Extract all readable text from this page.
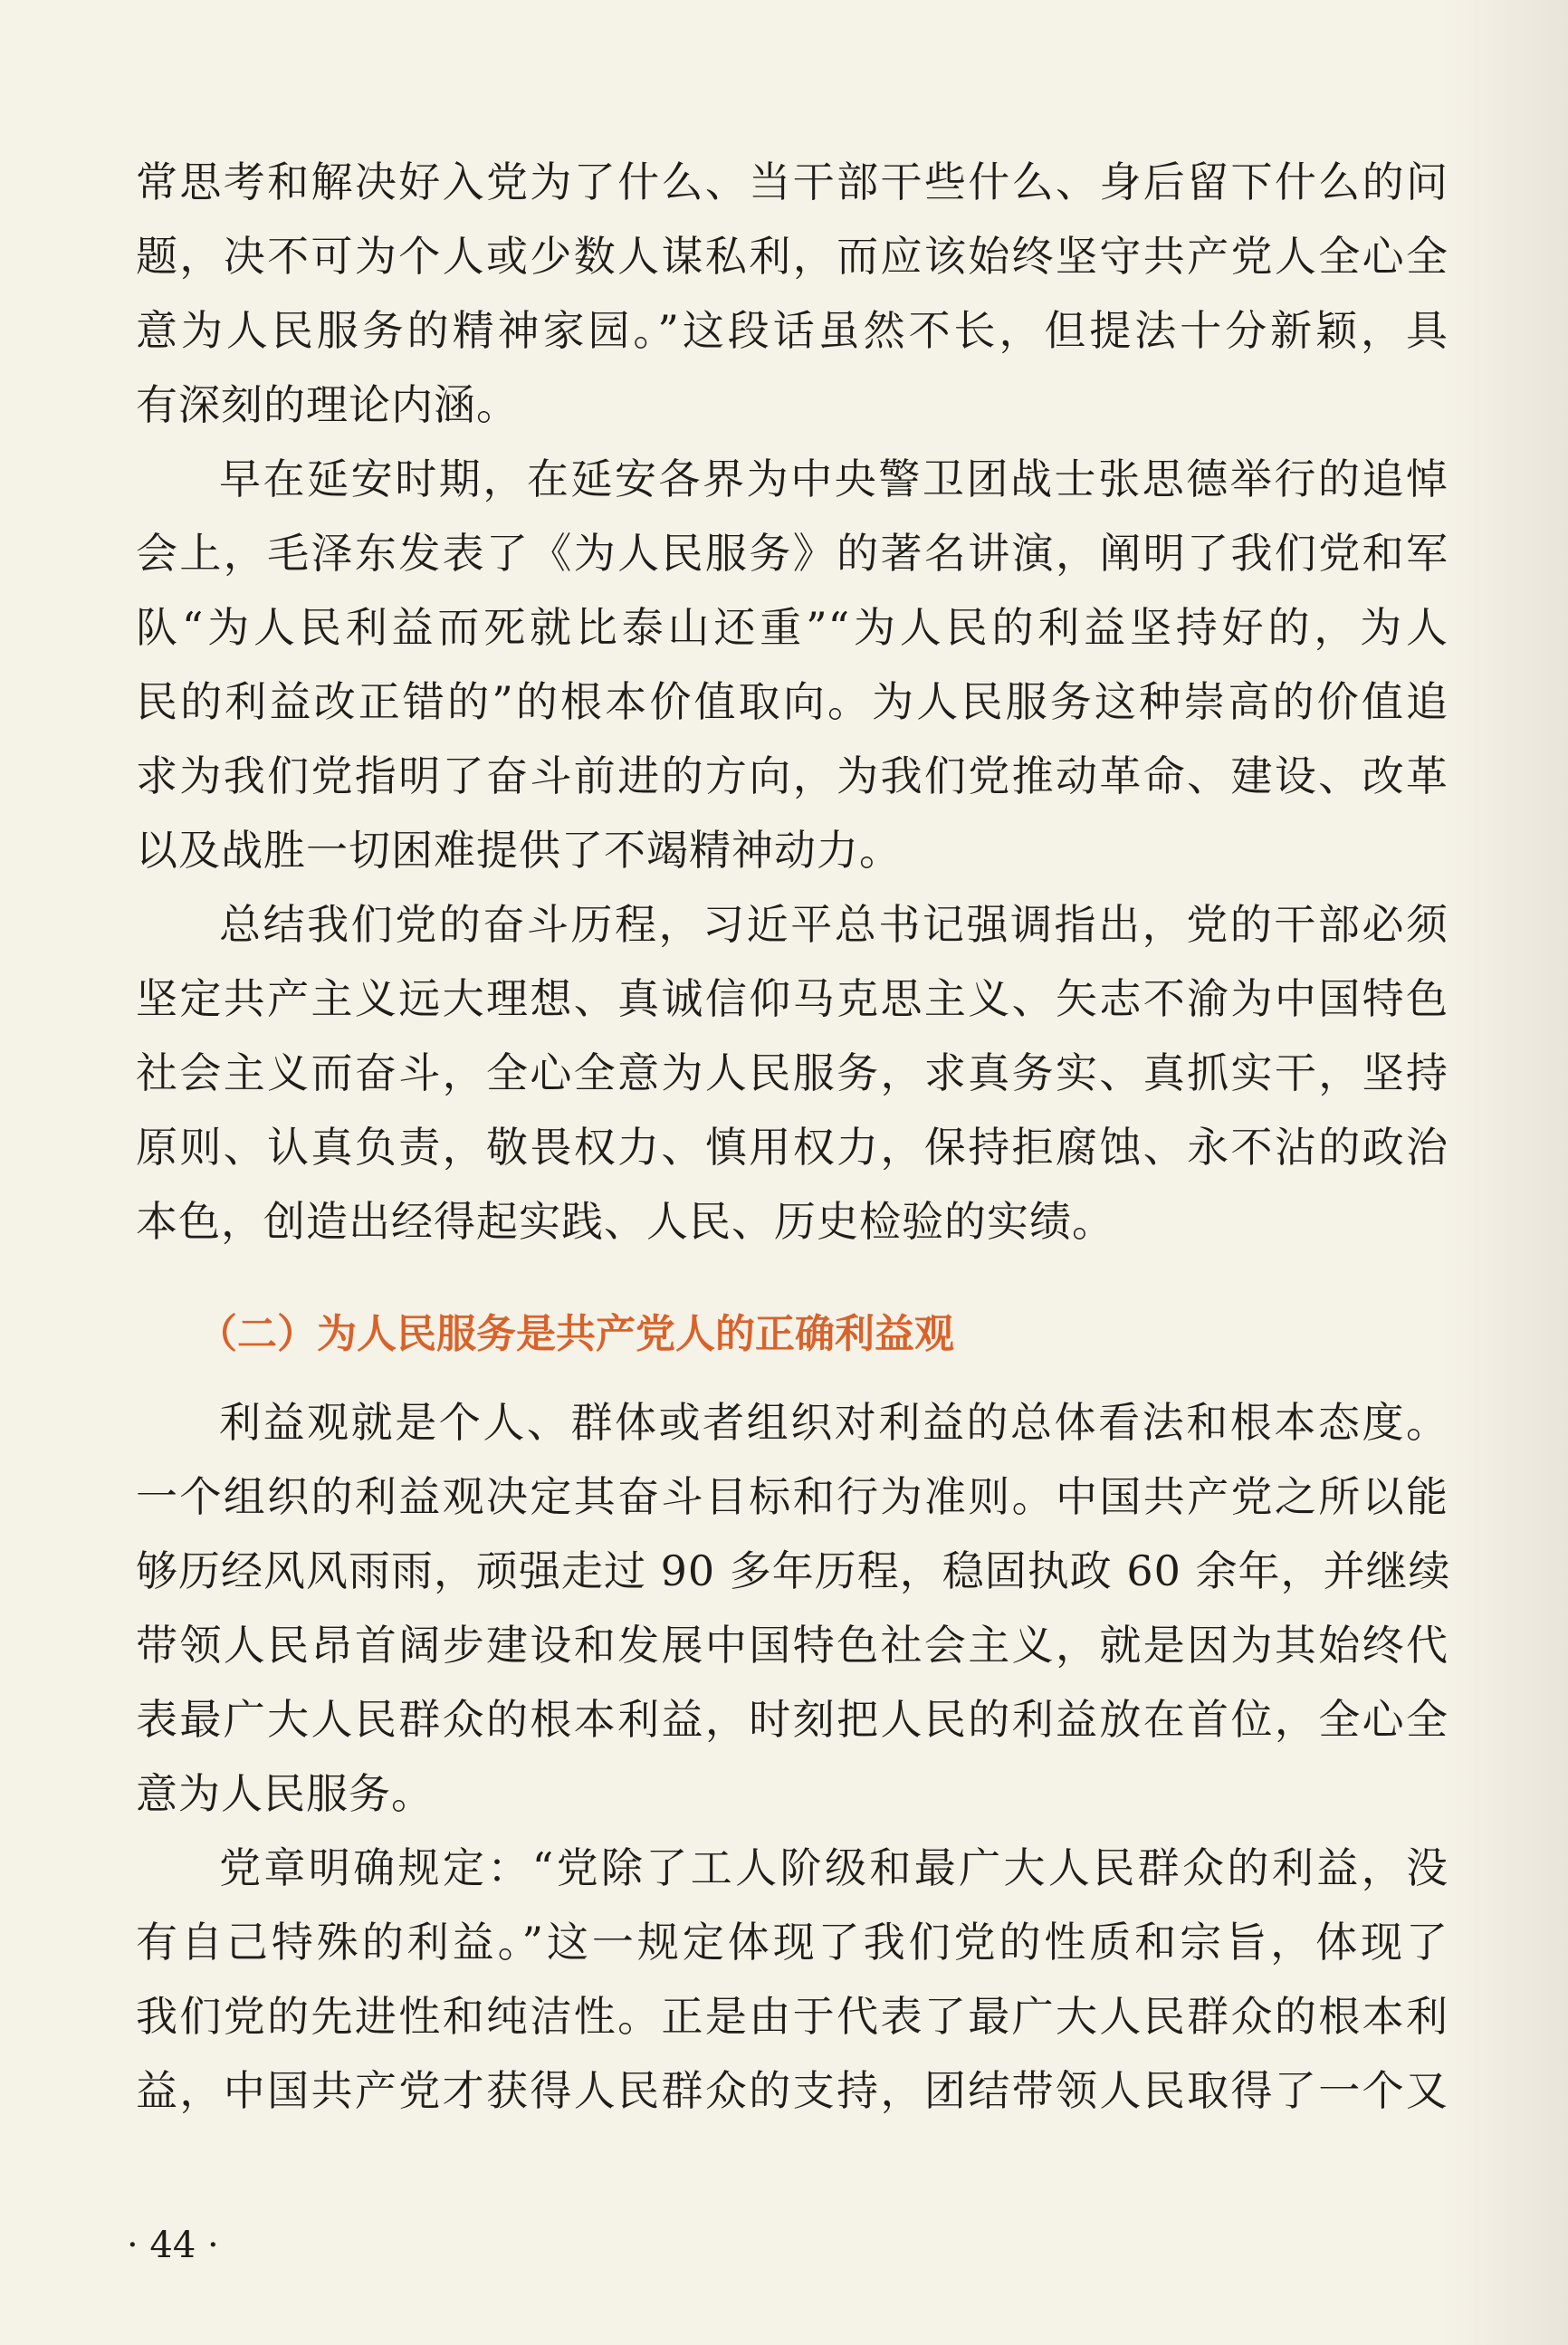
常思考和解决好入党为了什么、当干部干些什么、身后留下什么的问
题，决不可为个人或少数人谋私利，而应该始终坚守共产党人全心全
意为人民服务的精神家园。”这段话虽然不长，但提法十分新颖，具
有深刻的理论内涵。
早在延安时期，在延安各界为中央警卫团战士张思德举行的追悼
会上，毛泽东发表了《为人民服务》的著名讲演，阐明了我们党和军
队“为人民利益而死就比泰山还重”“为人民的利益坚持好的，为人
民的利益改正错的”的根本价值取向。为人民服务这种崇高的价值追
求为我们党指明了奋斗前进的方向，为我们党推动革命、建设、改革
以及战胜一切困难提供了不竭精神动力。
总结我们党的奋斗历程，习近平总书记强调指出，党的干部必须
坚定共产主义远大理想、真诚信仰马克思主义、矢志不渝为中国特色
社会主义而奋斗，全心全意为人民服务，求真务实、真抓实干，坚持
原则、认真负责，敬畏权力、慎用权力，保持拒腐蚀、永不沾的政治
本色，创造出经得起实践、人民、历史检验的实绩。
（二）为人民服务是共产党人的正确利益观
利益观就是个人、群体或者组织对利益的总体看法和根本态度。
一个组织的利益观决定其奋斗目标和行为准则。中国共产党之所以能
够历经风风雨雨，顽强走过 90 多年历程，稳固执政 60 余年，并继续
带领人民昂首阔步建设和发展中国特色社会主义，就是因为其始终代
表最广大人民群众的根本利益，时刻把人民的利益放在首位，全心全
意为人民服务。
党章明确规定：“党除了工人阶级和最广大人民群众的利益，没
有自己特殊的利益。”这一规定体现了我们党的性质和宗旨，体现了
我们党的先进性和纯洁性。正是由于代表了最广大人民群众的根本利
益，中国共产党才获得人民群众的支持，团结带领人民取得了一个又
· 44 ·
